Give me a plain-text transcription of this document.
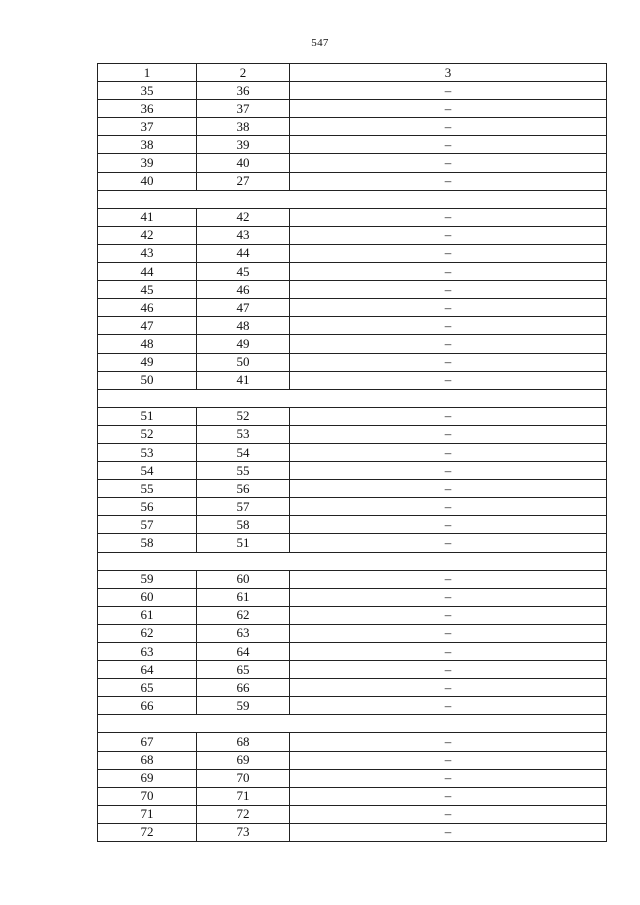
547
1	2	3
35	36	–
36	37	–
37	38	–
38	39	–
39	40	–
40	27	–

41	42	–
42	43	–
43	44	–
44	45	–
45	46	–
46	47	–
47	48	–
48	49	–
49	50	–
50	41	–

51	52	–
52	53	–
53	54	–
54	55	–
55	56	–
56	57	–
57	58	–
58	51	–

59	60	–
60	61	–
61	62	–
62	63	–
63	64	–
64	65	–
65	66	–
66	59	–

67	68	–
68	69	–
69	70	–
70	71	–
71	72	–
72	73	–
